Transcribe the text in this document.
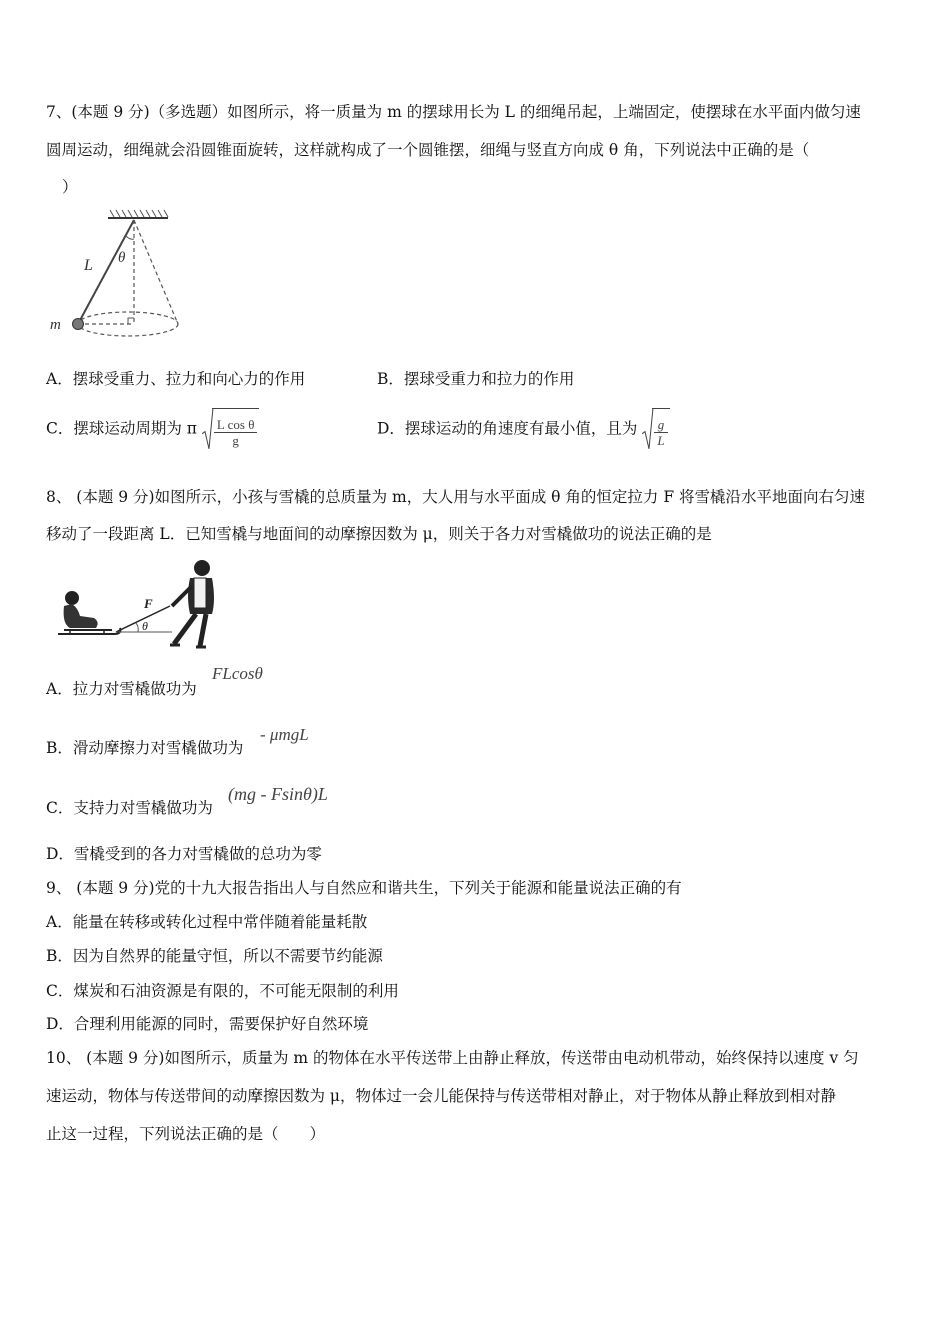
7、(本题 9 分)（多选题）如图所示，将一质量为 m 的摆球用长为 L 的细绳吊起，上端固定，使摆球在水平面内做匀速
圆周运动，细绳就会沿圆锥面旋转，这样就构成了一个圆锥摆，细绳与竖直方向成 θ 角，下列说法中正确的是（
）
L θ
m
A．摆球受重力、拉力和向心力的作用	B．摆球受重力和拉力的作用
C．摆球运动周期为 π $\frac{\text{L cos θ}}{g}$	D．摆球运动的角速度有最小值，且为 $\frac{g}{L}$
8、 (本题 9 分)如图所示，小孩与雪橇的总质量为 m，大人用与水平面成 θ 角的恒定拉力 F 将雪橇沿水平地面向右匀速
移动了一段距离 L．已知雪橇与地面间的动摩擦因数为 μ，则关于各力对雪橇做功的说法正确的是
F
θ
A．拉力对雪橇做功为
FLcosθ
B．滑动摩擦力对雪橇做功为
- μmgL
C．支持力对雪橇做功为
(mg - Fsinθ)L
D．雪橇受到的各力对雪橇做的总功为零
9、 (本题 9 分)党的十九大报告指出人与自然应和谐共生，下列关于能源和能量说法正确的有
A．能量在转移或转化过程中常伴随着能量耗散
B．因为自然界的能量守恒，所以不需要节约能源
C．煤炭和石油资源是有限的，不可能无限制的利用
D．合理利用能源的同时，需要保护好自然环境
10、 (本题 9 分)如图所示，质量为 m 的物体在水平传送带上由静止释放，传送带由电动机带动，始终保持以速度 v 匀
速运动，物体与传送带间的动摩擦因数为 μ，物体过一会儿能保持与传送带相对静止，对于物体从静止释放到相对静
止这一过程，下列说法正确的是（　　）
